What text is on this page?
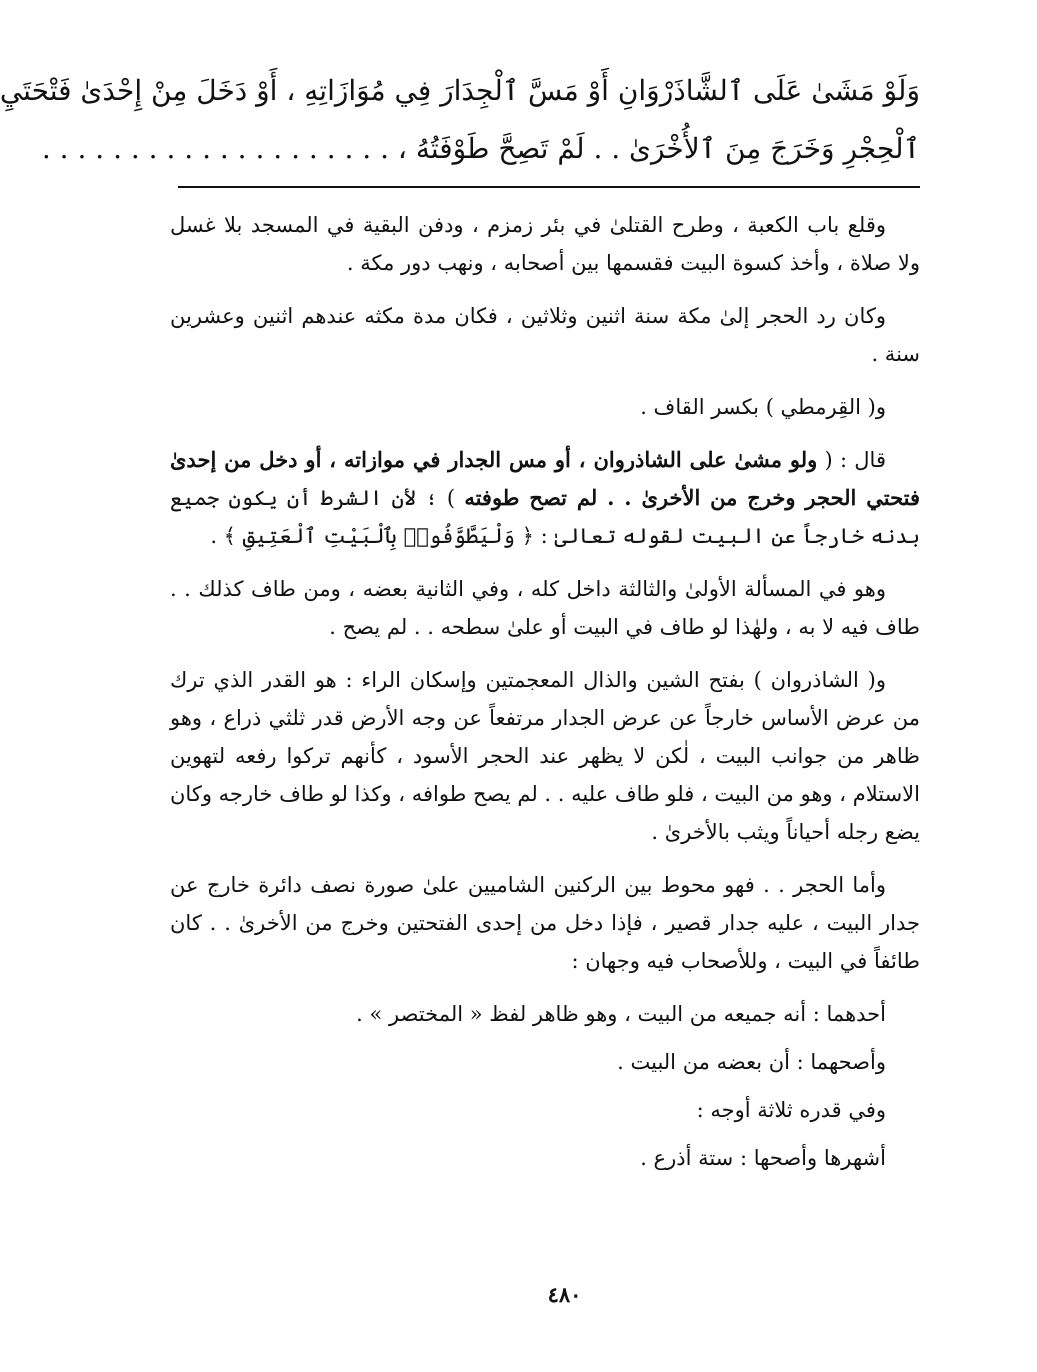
وَلَوْ مَشَىٰ عَلَى ٱلشَّاذَرْوَانِ أَوْ مَسَّ ٱلْجِدَارَ فِي مُوَازَاتِهِ ، أَوْ دَخَلَ مِنْ إِحْدَىٰ فَتْحَتَيِ
ٱلْحِجْرِ وَخَرَجَ مِنَ ٱلأُخْرَىٰ . . لَمْ تَصِحَّ طَوْفَتُهُ ، . . . . . . . . . . . . . . . . . . . .

وقلع باب الكعبة ، وطرح القتلىٰ في بئر زمزم ، ودفن البقية في المسجد بلا غسل ولا صلاة ، وأخذ كسوة البيت فقسمها بين أصحابه ، ونهب دور مكة .

وكان رد الحجر إلىٰ مكة سنة اثنين وثلاثين ، فكان مدة مكثه عندهم اثنين وعشرين سنة .

و( القِرمطي ) بكسر القاف .

قال : ( ولو مشىٰ على الشاذروان ، أو مس الجدار في موازاته ، أو دخل من إحدىٰ فتحتي الحجر وخرج من الأخرىٰ . . لم تصح طوفته ) ؛ لأن الشرط أن يكون جميع بدنه خارجاً عن البيت لقوله تعالىٰ : ﴿ وَلْيَطَّوَّفُوا۟ بِٱلْبَيْتِ ٱلْعَتِيقِ ﴾ .

وهو في المسألة الأولىٰ والثالثة داخل كله ، وفي الثانية بعضه ، ومن طاف كذلك . . طاف فيه لا به ، ولهٰذا لو طاف في البيت أو علىٰ سطحه . . لم يصح .

و( الشاذروان ) بفتح الشين والذال المعجمتين وإسكان الراء : هو القدر الذي ترك من عرض الأساس خارجاً عن عرض الجدار مرتفعاً عن وجه الأرض قدر ثلثي ذراع ، وهو ظاهر من جوانب البيت ، لٰكن لا يظهر عند الحجر الأسود ، كأنهم تركوا رفعه لتهوين الاستلام ، وهو من البيت ، فلو طاف عليه . . لم يصح طوافه ، وكذا لو طاف خارجه وكان يضع رجله أحياناً ويثب بالأخرىٰ .

وأما الحجر . . فهو محوط بين الركنين الشاميين علىٰ صورة نصف دائرة خارج عن جدار البيت ، عليه جدار قصير ، فإذا دخل من إحدى الفتحتين وخرج من الأخرىٰ . . كان طائفاً في البيت ، وللأصحاب فيه وجهان :

أحدهما : أنه جميعه من البيت ، وهو ظاهر لفظ « المختصر » .

وأصحهما : أن بعضه من البيت .

وفي قدره ثلاثة أوجه :

أشهرها وأصحها : ستة أذرع .

٤٨٠
